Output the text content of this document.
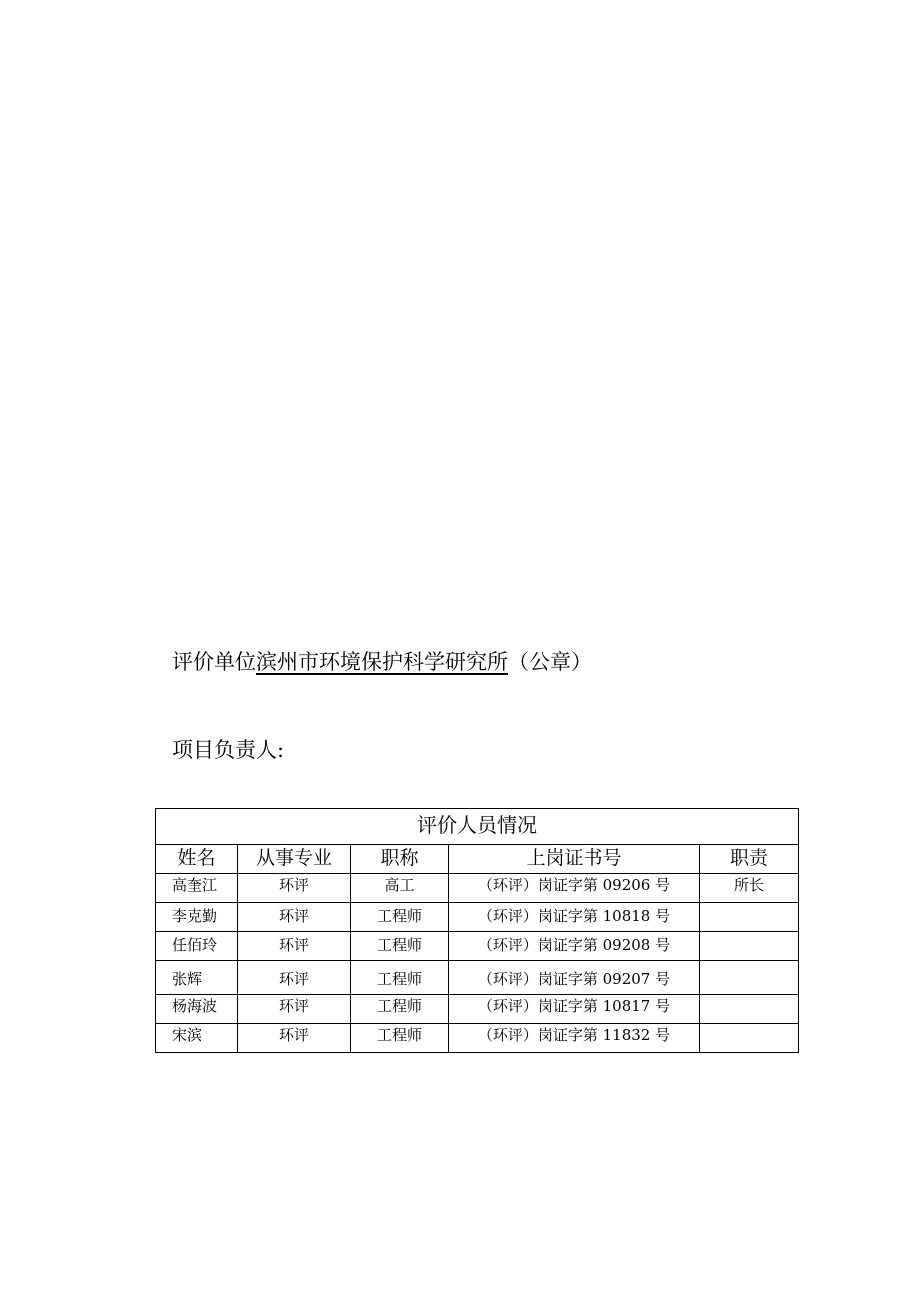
评价单位滨州市环境保护科学研究所（公章）
项目负责人:
评价人员情况				
姓名	从事专业	职称	上岗证书号	职责
高奎江	环评	高工	（环评）岗证字第 09206 号	所长
李克勤	环评	工程师	（环评）岗证字第 10818 号	
任佰玲	环评	工程师	（环评）岗证字第 09208 号	
张辉	环评	工程师	（环评）岗证字第 09207 号	
杨海波	环评	工程师	（环评）岗证字第 10817 号	
宋滨	环评	工程师	（环评）岗证字第 11832 号	
